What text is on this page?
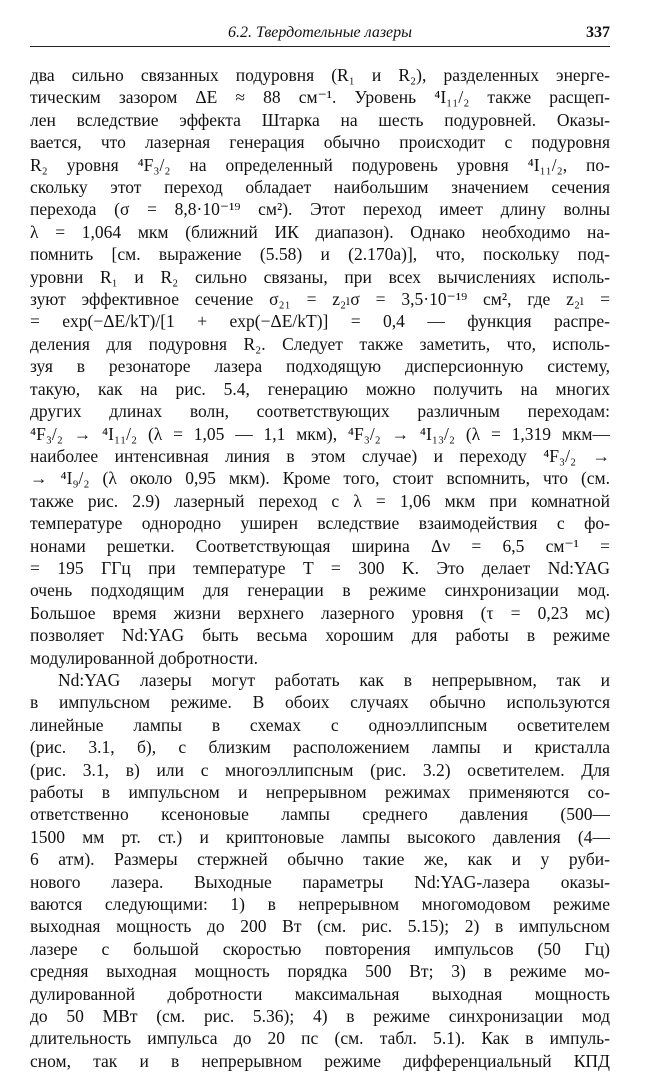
6.2. Твердотельные лазеры	337
два сильно связанных подуровня (R₁ и R₂), разделенных энерге-
тическим зазором ΔE ≈ 88 см⁻¹. Уровень ⁴I₁₁/₂ также расщеп-
лен вследствие эффекта Штарка на шесть подуровней. Оказы-
вается, что лазерная генерация обычно происходит с подуровня
R₂ уровня ⁴F₃/₂ на определенный подуровень уровня ⁴I₁₁/₂, по-
скольку этот переход обладает наибольшим значением сечения
перехода (σ = 8,8·10⁻¹⁹ см²). Этот переход имеет длину волны
λ = 1,064 мкм (ближний ИК диапазон). Однако необходимо на-
помнить [см. выражение (5.58) и (2.170а)], что, поскольку под-
уровни R₁ и R₂ сильно связаны, при всех вычислениях исполь-
зуют эффективное сечение σ₂₁ = z₂ₗσ = 3,5·10⁻¹⁹ см², где z₂ₗ =
= exp(−ΔE/kT)/[1 + exp(−ΔE/kT)] = 0,4 — функция распре-
деления для подуровня R₂. Следует также заметить, что, исполь-
зуя в резонаторе лазера подходящую дисперсионную систему,
такую, как на рис. 5.4, генерацию можно получить на многих
других длинах волн, соответствующих различным переходам:
⁴F₃/₂ → ⁴I₁₁/₂ (λ = 1,05 — 1,1 мкм), ⁴F₃/₂ → ⁴I₁₃/₂ (λ = 1,319 мкм—
наиболее интенсивная линия в этом случае) и переходу ⁴F₃/₂ →
→ ⁴I₉/₂ (λ около 0,95 мкм). Кроме того, стоит вспомнить, что (см.
также рис. 2.9) лазерный переход с λ = 1,06 мкм при комнатной
температуре однородно уширен вследствие взаимодействия с фо-
нонами решетки. Соответствующая ширина Δν = 6,5 см⁻¹ =
= 195 ГГц при температуре T = 300 K. Это делает Nd:YAG
очень подходящим для генерации в режиме синхронизации мод.
Большое время жизни верхнего лазерного уровня (τ = 0,23 мс)
позволяет Nd:YAG быть весьма хорошим для работы в режиме
модулированной добротности.
Nd:YAG лазеры могут работать как в непрерывном, так и
в импульсном режиме. В обоих случаях обычно используются
линейные лампы в схемах с одноэллипсным осветителем
(рис. 3.1, б), с близким расположением лампы и кристалла
(рис. 3.1, в) или с многоэллипсным (рис. 3.2) осветителем. Для
работы в импульсном и непрерывном режимах применяются со-
ответственно ксеноновые лампы среднего давления (500—
1500 мм рт. ст.) и криптоновые лампы высокого давления (4—
6 атм). Размеры стержней обычно такие же, как и у руби-
нового лазера. Выходные параметры Nd:YAG-лазера оказы-
ваются следующими: 1) в непрерывном многомодовом режиме
выходная мощность до 200 Вт (см. рис. 5.15); 2) в импульсном
лазере с большой скоростью повторения импульсов (50 Гц)
средняя выходная мощность порядка 500 Вт; 3) в режиме мо-
дулированной добротности максимальная выходная мощность
до 50 МВт (см. рис. 5.36); 4) в режиме синхронизации мод
длительность импульса до 20 пс (см. табл. 5.1). Как в импуль-
сном, так и в непрерывном режиме дифференциальный КПД
